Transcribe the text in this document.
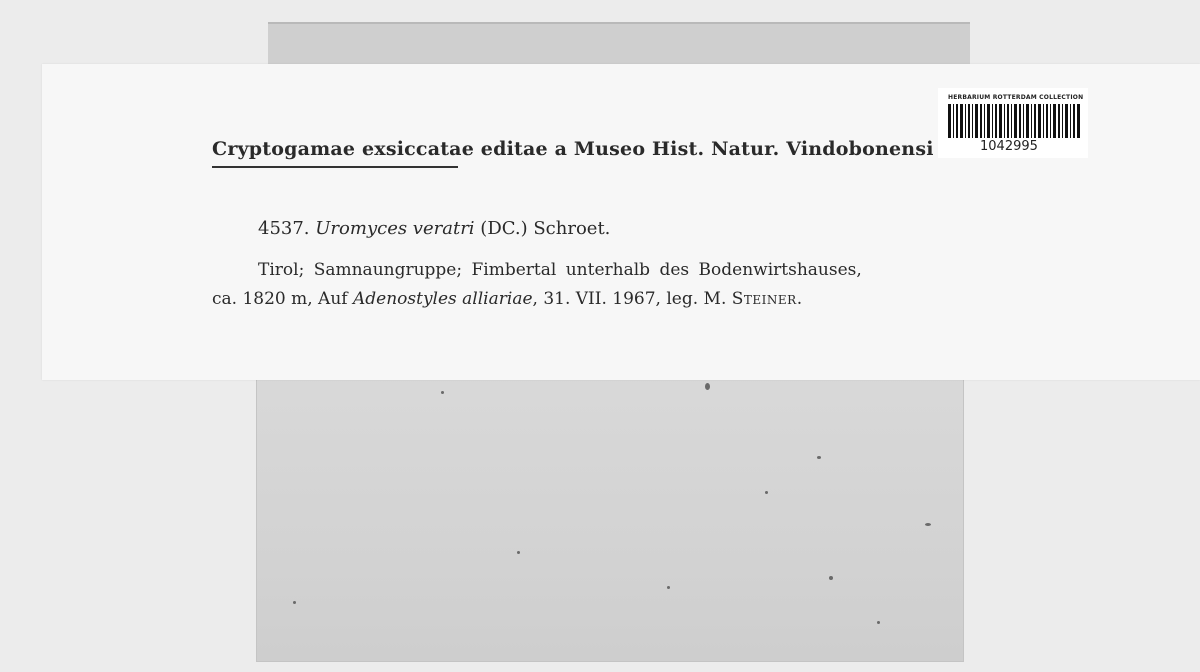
Cryptogamae exsiccatae editae a Museo Hist. Natur. Vindobonensi
4537. Uromyces veratri (DC.) Schroet.
Tirol; Samnaungruppe; Fimbertal unterhalb des Bodenwirtshauses,
ca. 1820 m, Auf Adenostyles alliariae, 31. VII. 1967, leg. M. Steiner.
HERBARIUM ROTTERDAM COLLECTION
1042995
